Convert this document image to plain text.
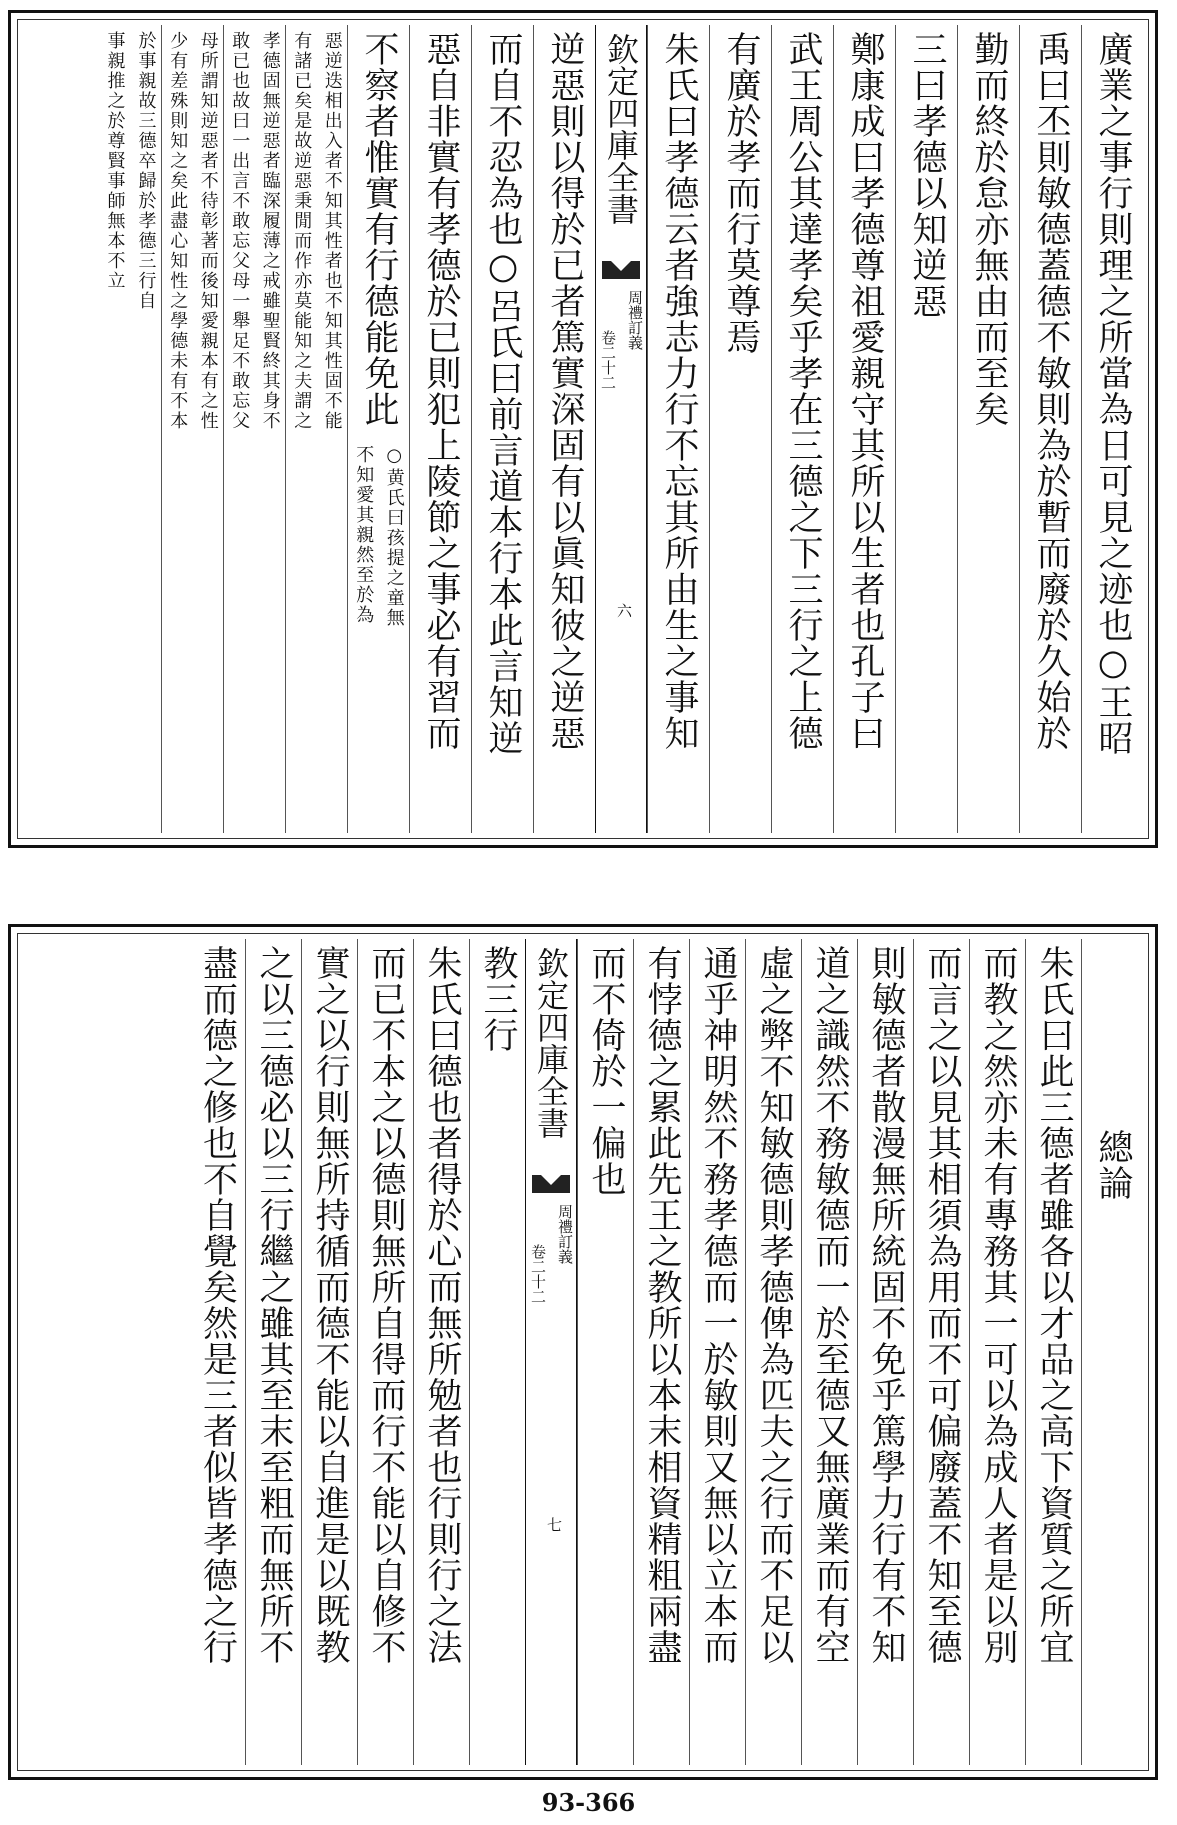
廣業之事行則理之所當為日可見之迹也○王昭
禹曰丕則敏德蓋德不敏則為於暫而廢於久始於
勤而終於怠亦無由而至矣
三曰孝德以知逆惡
鄭康成曰孝德尊祖愛親守其所以生者也孔子曰
武王周公其達孝矣乎孝在三德之下三行之上德
有廣於孝而行莫尊焉
朱氏曰孝德云者強志力行不忘其所由生之事知
欽定四庫全書
周禮訂義
卷二十二
六
逆惡則以得於已者篤實深固有以眞知彼之逆惡
而自不忍為也○呂氏曰前言道本行本此言知逆
惡自非實有孝德於已則犯上陵節之事必有習而
不察者惟實有行德能免此
○黄氏曰孩提之童無
不知愛其親然至於為
惡逆迭相出入者不知其性者也不知其性固不能
有諸已矣是故逆惡秉閒而作亦莫能知之夫謂之
孝德固無逆惡者臨深履薄之戒雖聖賢終其身不
敢已也故曰一出言不敢忘父母一舉足不敢忘父
母所謂知逆惡者不待彰著而後知愛親本有之性
少有差殊則知之矣此盡心知性之學德未有不本
於事親故三德卒歸於孝德三行自
事親推之於尊賢事師無本不立
總論
朱氏曰此三德者雖各以才品之高下資質之所宜
而教之然亦未有專務其一可以為成人者是以別
而言之以見其相須為用而不可偏廢蓋不知至德
則敏德者散漫無所統固不免乎篤學力行有不知
道之識然不務敏德而一於至德又無廣業而有空
虛之弊不知敏德則孝德俾為匹夫之行而不足以
通乎神明然不務孝德而一於敏則又無以立本而
有悖德之累此先王之教所以本末相資精粗兩盡
而不倚於一偏也
欽定四庫全書
周禮訂義
卷二十二
七
教三行
朱氏曰德也者得於心而無所勉者也行則行之法
而已不本之以德則無所自得而行不能以自修不
實之以行則無所持循而德不能以自進是以既教
之以三德必以三行繼之雖其至末至粗而無所不
盡而德之修也不自覺矣然是三者似皆孝德之行
93-366
